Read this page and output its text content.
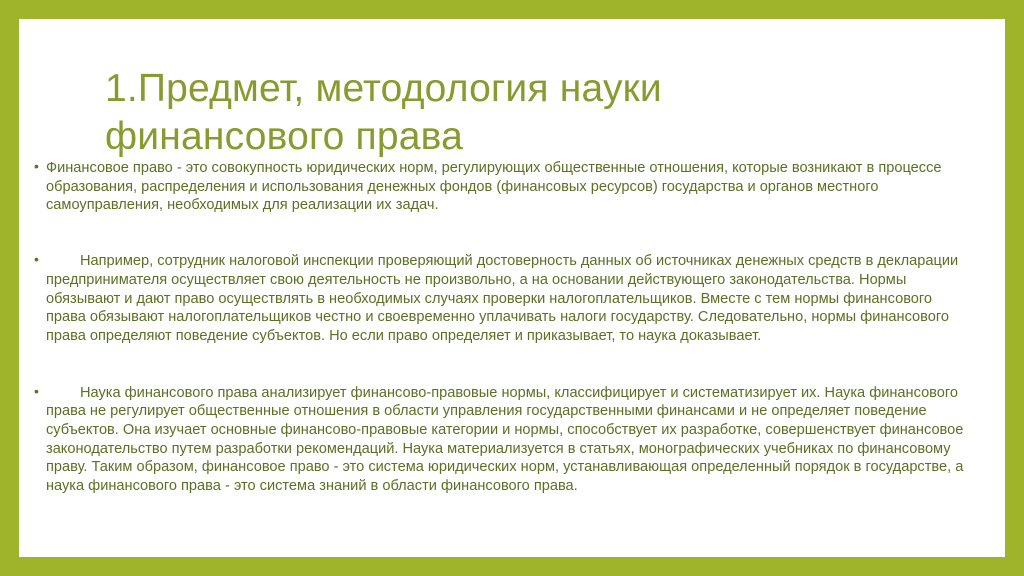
1.Предмет, методология науки
финансового права

• Финансовое право - это совокупность юридических норм, регулирующих общественные отношения, которые возникают в процессе образования, распределения и использования денежных фондов (финансовых ресурсов) государства и органов местного самоуправления, необходимых для реализации их задач.

•	Например, сотрудник налоговой инспекции проверяющий достоверность данных об источниках денежных средств в декларации предпринимателя осуществляет свою деятельность не произвольно, а на основании действующего законодательства. Нормы обязывают и дают право осуществлять в необходимых случаях проверки налогоплательщиков. Вместе с тем нормы финансового права обязывают налогоплательщиков честно и своевременно уплачивать налоги государству. Следовательно, нормы финансового права определяют поведение субъектов. Но если право определяет и приказывает, то наука доказывает.

•	Наука финансового права анализирует финансово-правовые нормы, классифицирует и систематизирует их. Наука финансового права не регулирует общественные отношения в области управления государственными финансами и не определяет поведение субъектов. Она изучает основные финансово-правовые категории и нормы, способствует их разработке, совершенствует финансовое законодательство путем разработки рекомендаций. Наука материализуется в статьях, монографических учебниках по финансовому праву. Таким образом, финансовое право - это система юридических норм, устанавливающая определенный порядок в государстве, а наука финансового права - это система знаний в области финансового права.
